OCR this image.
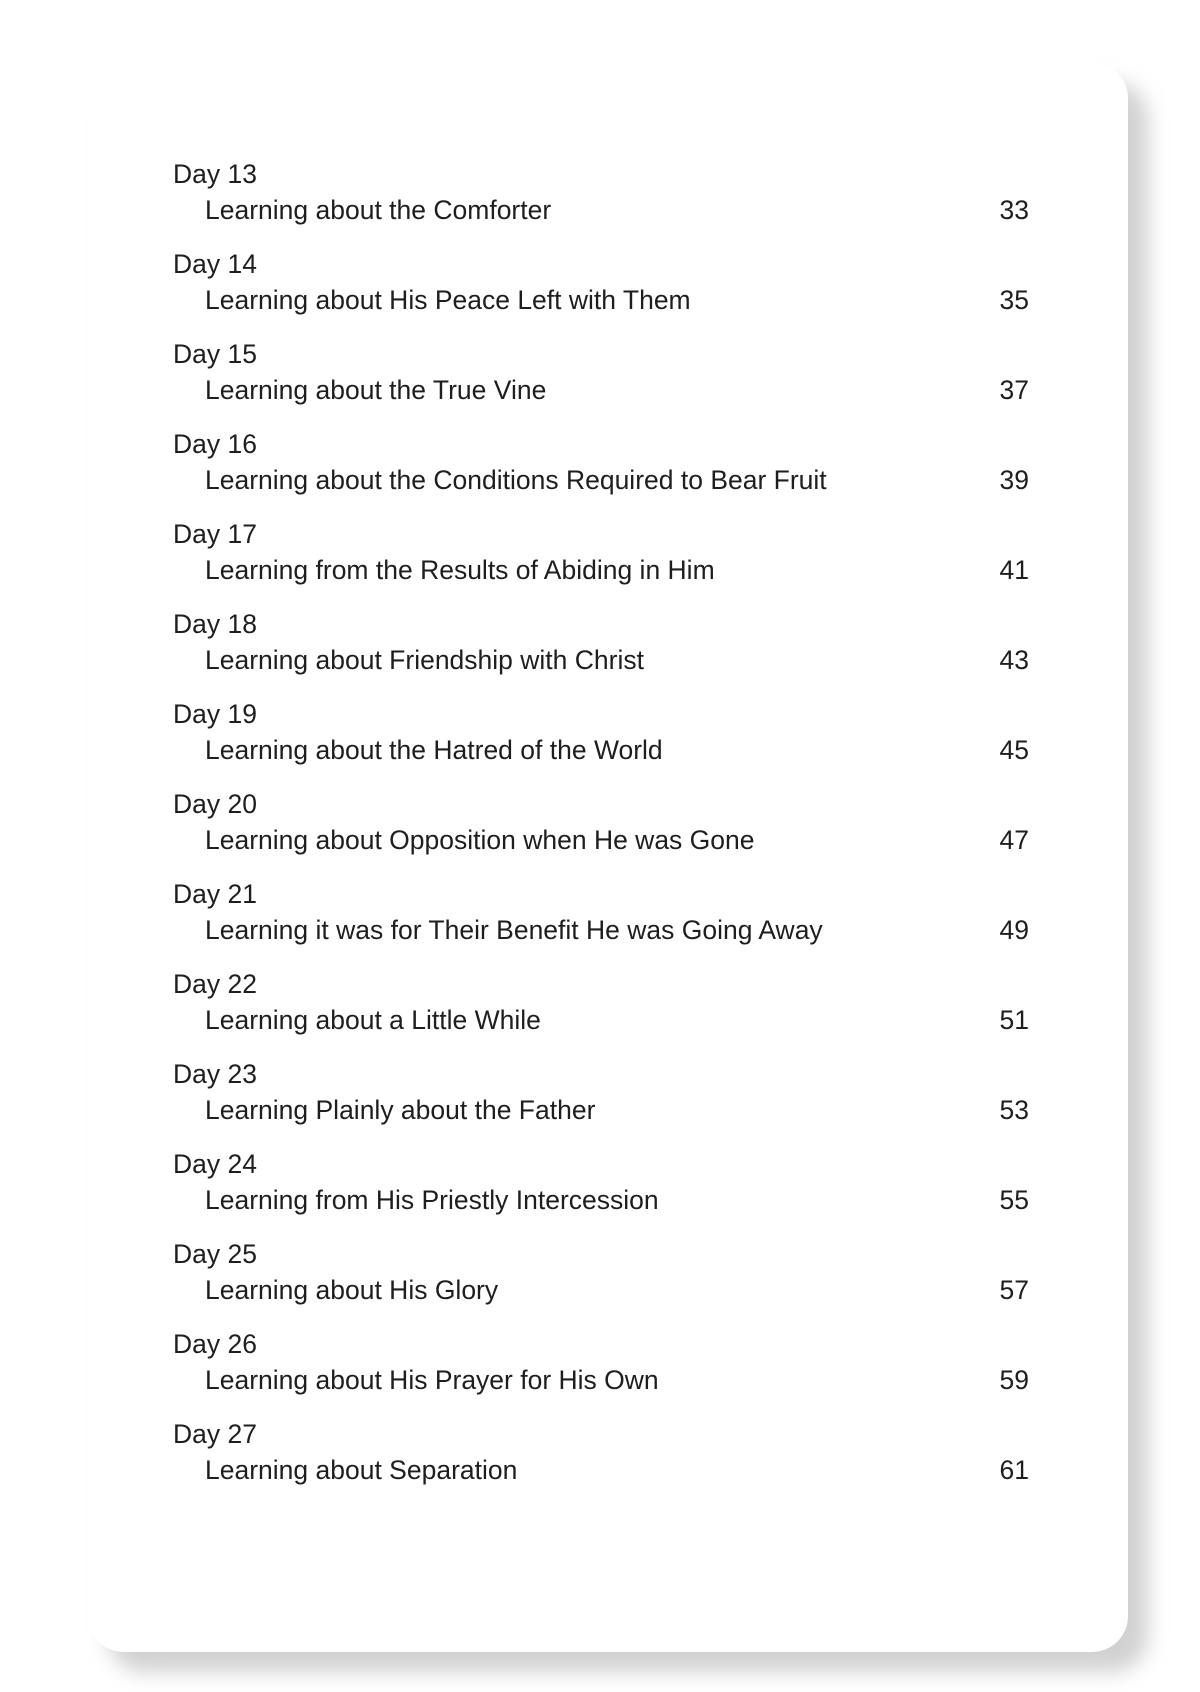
Day 13
Learning about the Comforter	33
Day 14
Learning about His Peace Left with Them	35
Day 15
Learning about the True Vine	37
Day 16
Learning about the Conditions Required to Bear Fruit	39
Day 17
Learning from the Results of Abiding in Him	41
Day 18
Learning about Friendship with Christ	43
Day 19
Learning about the Hatred of the World	45
Day 20
Learning about Opposition when He was Gone	47
Day 21
Learning it was for Their Benefit He was Going Away	49
Day 22
Learning about a Little While	51
Day 23
Learning Plainly about the Father	53
Day 24
Learning from His Priestly Intercession	55
Day 25
Learning about His Glory	57
Day 26
Learning about His Prayer for His Own	59
Day 27
Learning about Separation	61
